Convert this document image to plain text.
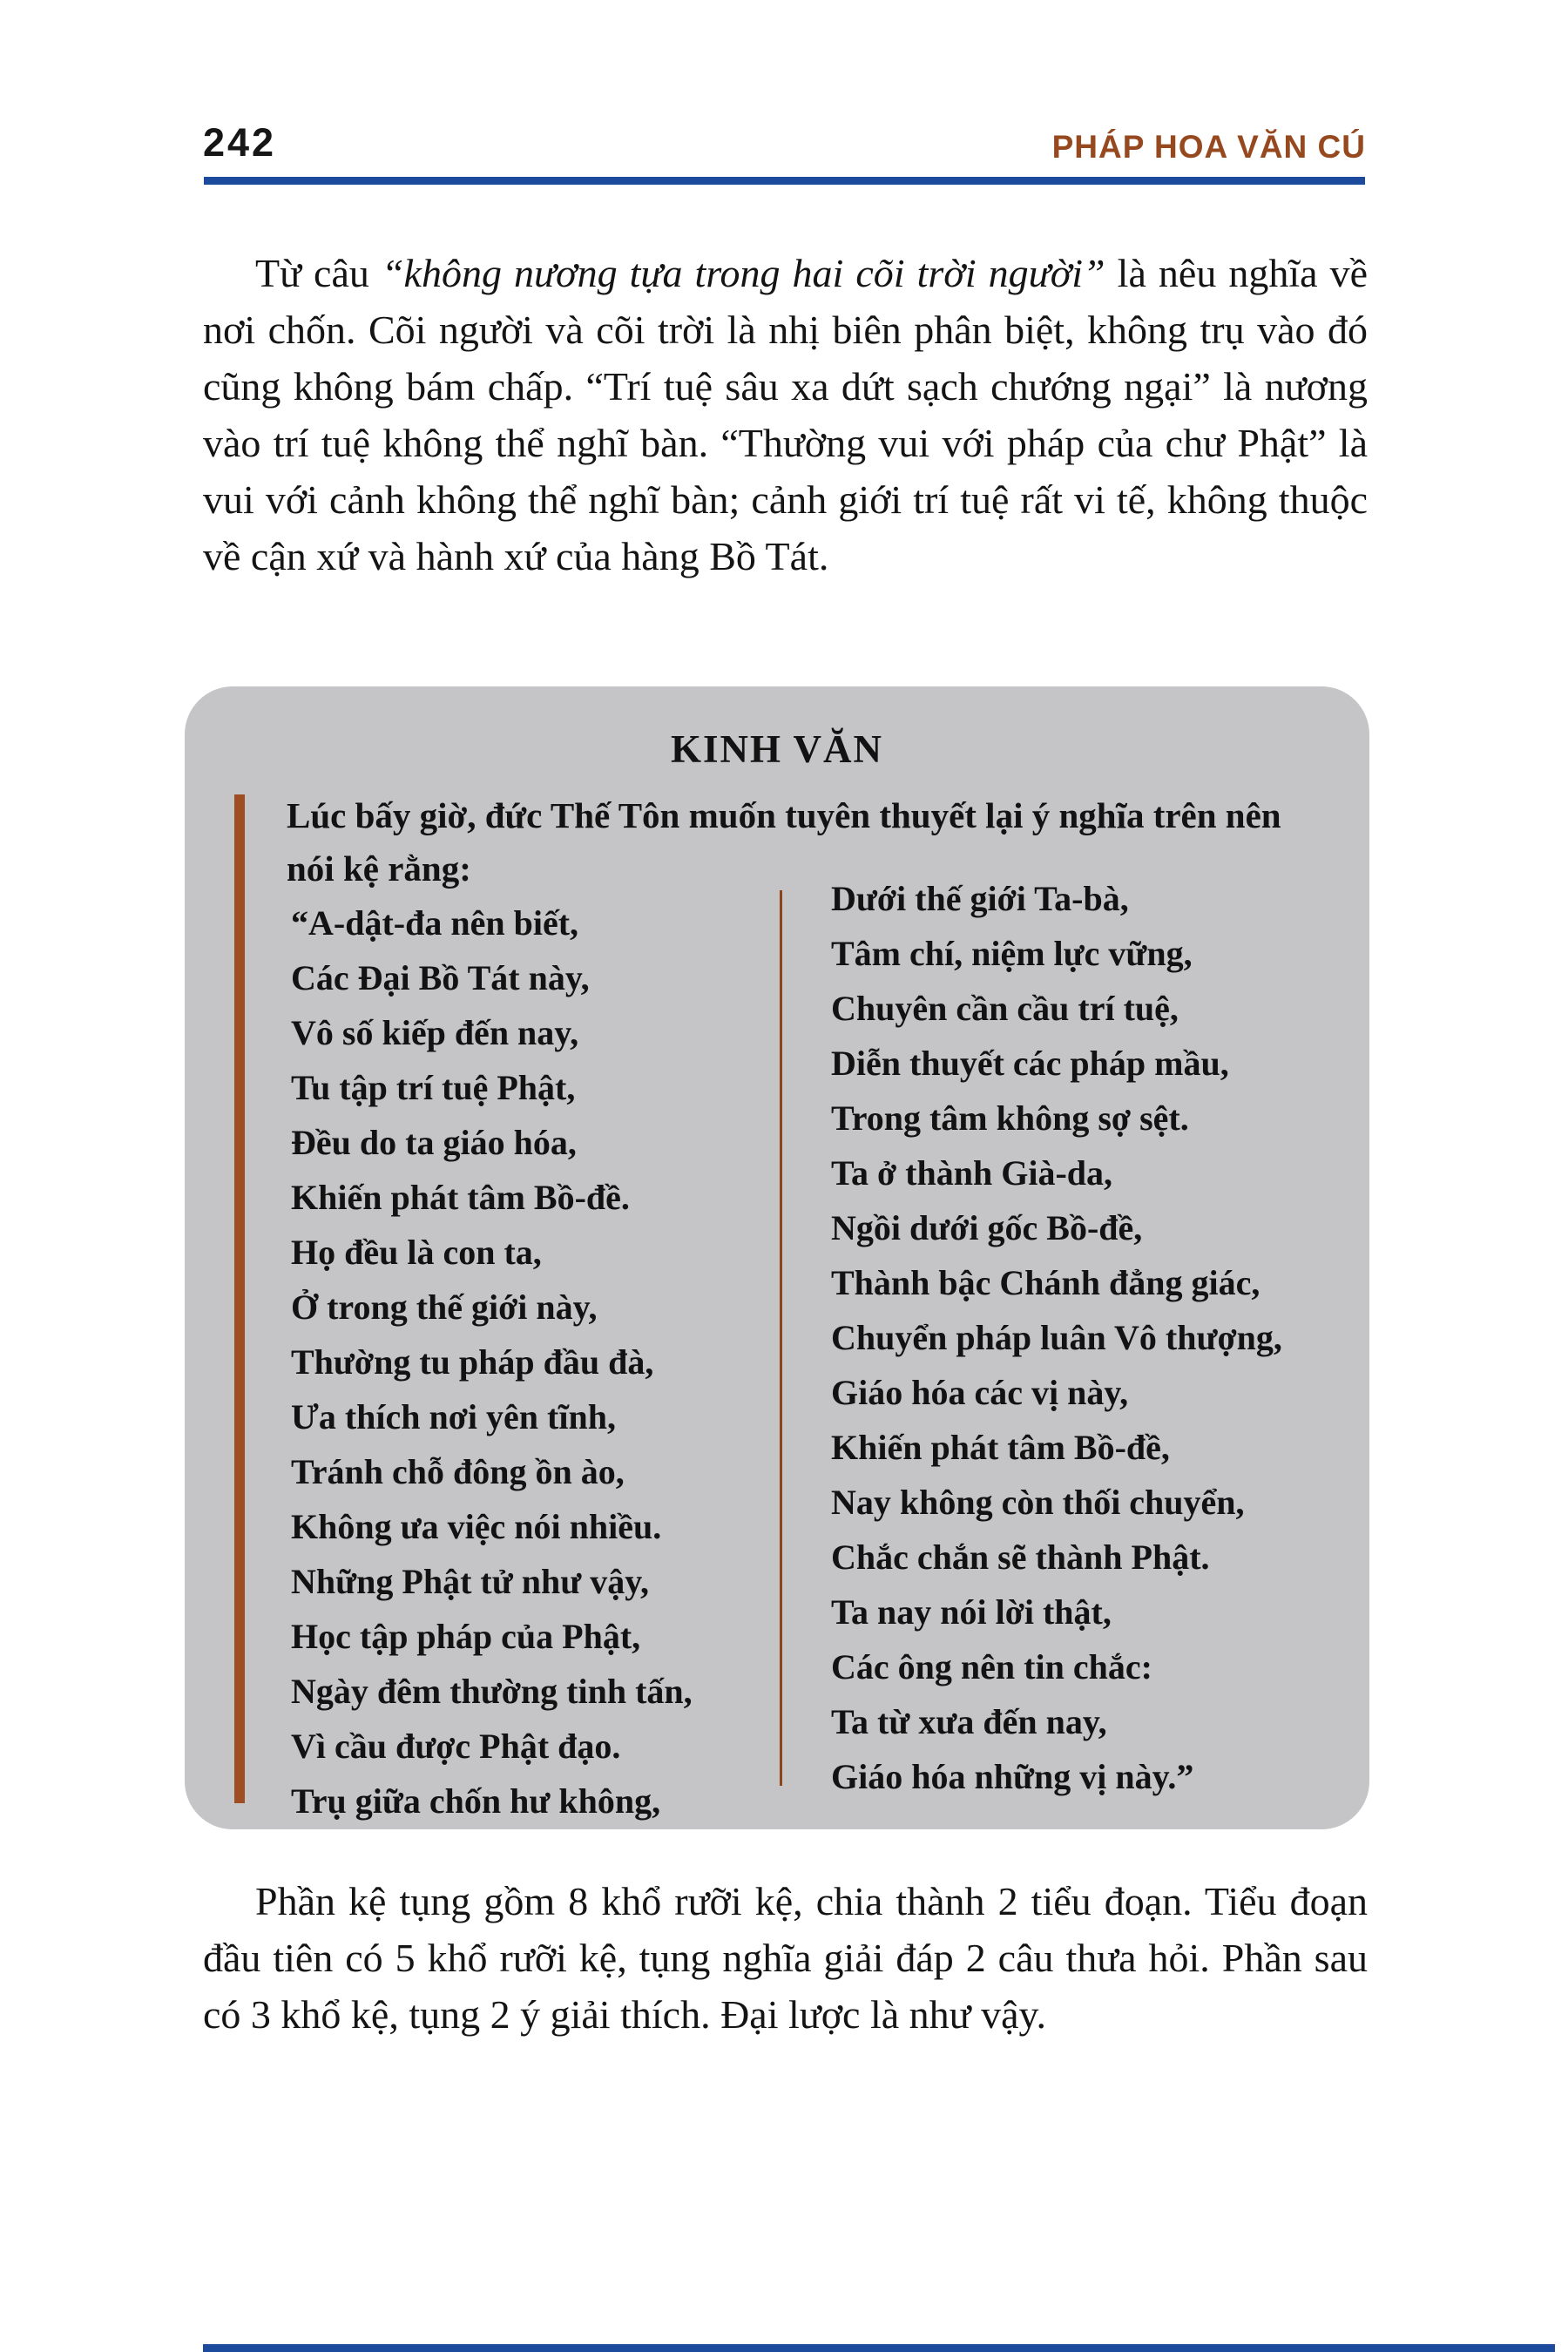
242	PHÁP HOA VĂN CÚ

Từ câu “không nương tựa trong hai cõi trời người” là nêu nghĩa về nơi chốn. Cõi người và cõi trời là nhị biên phân biệt, không trụ vào đó cũng không bám chấp. “Trí tuệ sâu xa dứt sạch chướng ngại” là nương vào trí tuệ không thể nghĩ bàn. “Thường vui với pháp của chư Phật” là vui với cảnh không thể nghĩ bàn; cảnh giới trí tuệ rất vi tế, không thuộc về cận xứ và hành xứ của hàng Bồ Tát.

KINH VĂN
Lúc bấy giờ, đức Thế Tôn muốn tuyên thuyết lại ý nghĩa trên nên
nói kệ rằng:
“A-dật-đa nên biết,
Các Đại Bồ Tát này,
Vô số kiếp đến nay,
Tu tập trí tuệ Phật,
Đều do ta giáo hóa,
Khiến phát tâm Bồ-đề.
Họ đều là con ta,
Ở trong thế giới này,
Thường tu pháp đầu đà,
Ưa thích nơi yên tĩnh,
Tránh chỗ đông ồn ào,
Không ưa việc nói nhiều.
Những Phật tử như vậy,
Học tập pháp của Phật,
Ngày đêm thường tinh tấn,
Vì cầu được Phật đạo.
Trụ giữa chốn hư không,
Dưới thế giới Ta-bà,
Tâm chí, niệm lực vững,
Chuyên cần cầu trí tuệ,
Diễn thuyết các pháp mầu,
Trong tâm không sợ sệt.
Ta ở thành Già-da,
Ngồi dưới gốc Bồ-đề,
Thành bậc Chánh đẳng giác,
Chuyển pháp luân Vô thượng,
Giáo hóa các vị này,
Khiến phát tâm Bồ-đề,
Nay không còn thối chuyển,
Chắc chắn sẽ thành Phật.
Ta nay nói lời thật,
Các ông nên tin chắc:
Ta từ xưa đến nay,
Giáo hóa những vị này.”

Phần kệ tụng gồm 8 khổ rưỡi kệ, chia thành 2 tiểu đoạn. Tiểu đoạn đầu tiên có 5 khổ rưỡi kệ, tụng nghĩa giải đáp 2 câu thưa hỏi. Phần sau có 3 khổ kệ, tụng 2 ý giải thích. Đại lược là như vậy.
